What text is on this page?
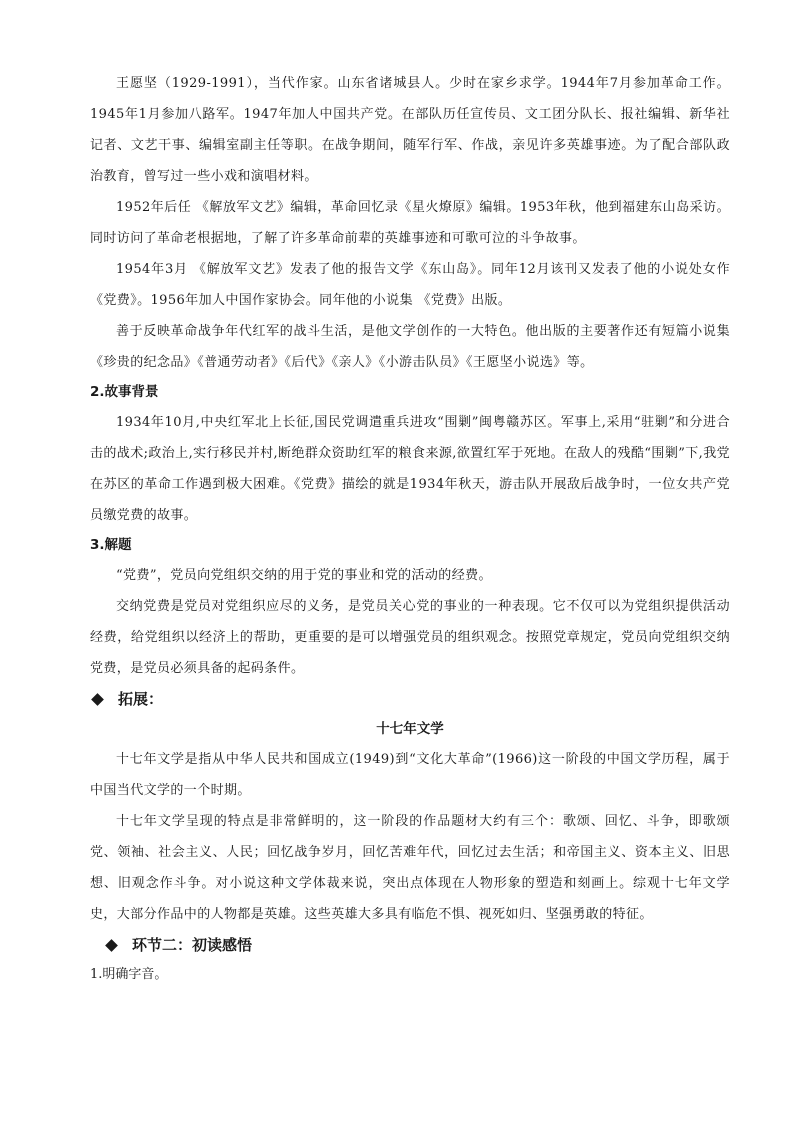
王愿坚（1929-1991），当代作家。山东省诸城县人。少时在家乡求学。1944年7月参加革命工作。1945年1月参加八路军。1947年加人中国共产党。在部队历任宣传员、文工团分队长、报社编辑、新华社记者、文艺干事、编辑室副主任等职。在战争期间，随军行军、作战，亲见许多英雄事迹。为了配合部队政治教育，曾写过一些小戏和演唱材料。

1952年后任 《解放军文艺》编辑，革命回忆录《星火燎原》编辑。1953年秋，他到福建东山岛采访。同时访问了革命老根据地，了解了许多革命前辈的英雄事迹和可歌可泣的斗争故事。

1954年3月 《解放军文艺》发表了他的报告文学《东山岛》。同年12月该刊又发表了他的小说处女作《党费》。1956年加人中国作家协会。同年他的小说集 《党费》出版。

善于反映革命战争年代红军的战斗生活，是他文学创作的一大特色。他出版的主要著作还有短篇小说集《珍贵的纪念品》《普通劳动者》《后代》《亲人》《小游击队员》《王愿坚小说选》等。

2.故事背景

1934年10月,中央红军北上长征,国民党调遣重兵进攻“围剿”闽粤赣苏区。军事上,采用“驻剿”和分进合击的战术;政治上,实行移民并村,断绝群众资助红军的粮食来源,欲置红军于死地。在敌人的残酷“围剿”下,我党在苏区的革命工作遇到极大困难。《党费》描绘的就是1934年秋天，游击队开展敌后战争时，一位女共产党员缴党费的故事。

3.解题

“党费”，党员向党组织交纳的用于党的事业和党的活动的经费。

交纳党费是党员对党组织应尽的义务，是党员关心党的事业的一种表现。它不仅可以为党组织提供活动经费，给党组织以经济上的帮助，更重要的是可以增强党员的组织观念。按照党章规定，党员向党组织交纳党费，是党员必须具备的起码条件。

拓展：

十七年文学

十七年文学是指从中华人民共和国成立(1949)到“文化大革命”(1966)这一阶段的中国文学历程，属于中国当代文学的一个时期。

十七年文学呈现的特点是非常鲜明的，这一阶段的作品题材大约有三个：歌颂、回忆、斗争，即歌颂党、领袖、社会主义、人民；回忆战争岁月，回忆苦难年代，回忆过去生活；和帝国主义、资本主义、旧思想、旧观念作斗争。对小说这种文学体裁来说，突出点体现在人物形象的塑造和刻画上。综观十七年文学史，大部分作品中的人物都是英雄。这些英雄大多具有临危不惧、视死如归、坚强勇敢的特征。

环节二：初读感悟

1.明确字音。
